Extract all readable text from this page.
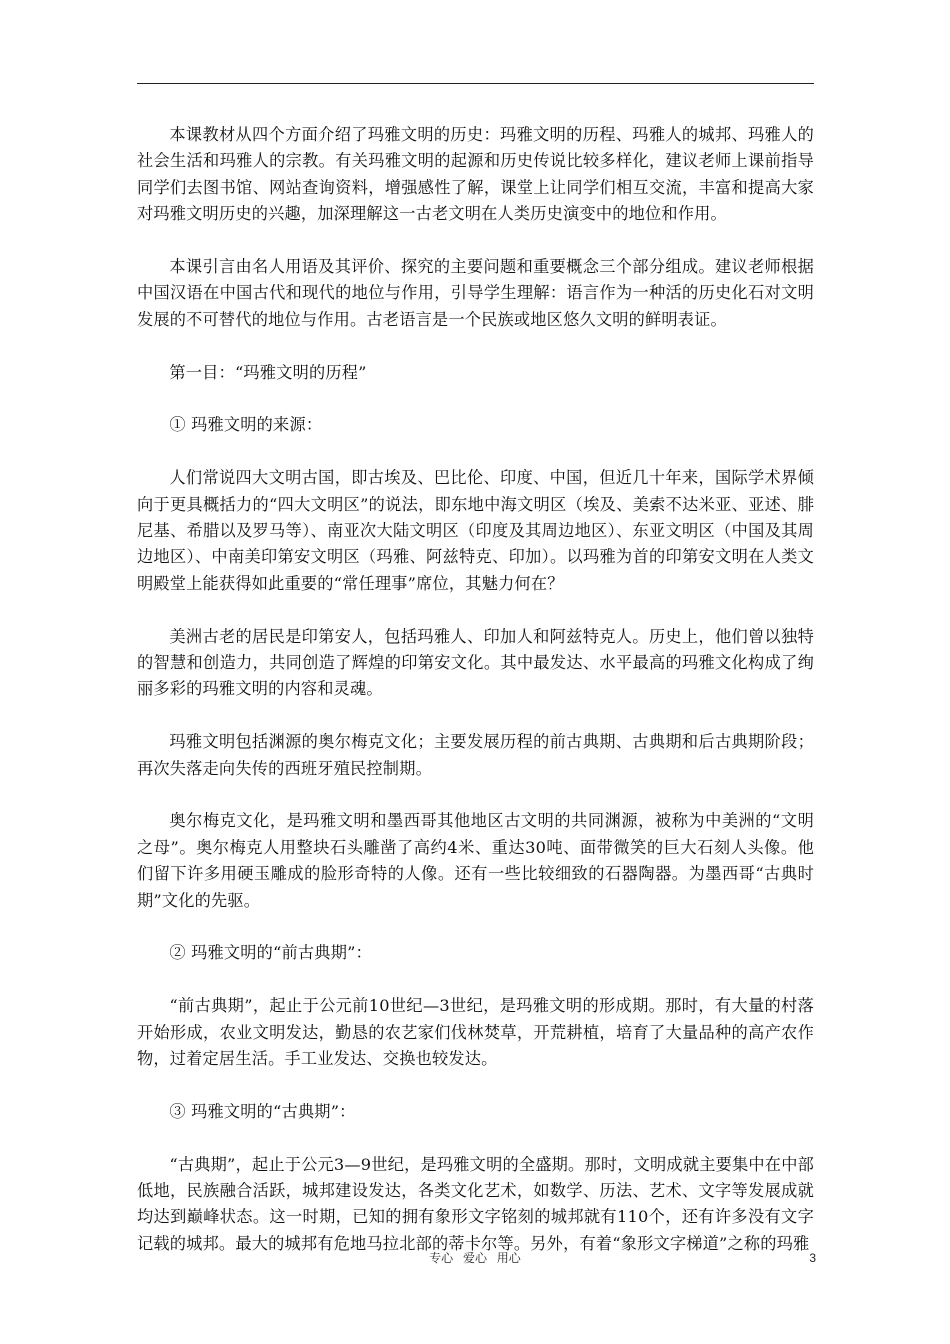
本课教材从四个方面介绍了玛雅文明的历史：玛雅文明的历程、玛雅人的城邦、玛雅人的社会生活和玛雅人的宗教。有关玛雅文明的起源和历史传说比较多样化，建议老师上课前指导同学们去图书馆、网站查询资料，增强感性了解，课堂上让同学们相互交流，丰富和提高大家对玛雅文明历史的兴趣，加深理解这一古老文明在人类历史演变中的地位和作用。

本课引言由名人用语及其评价、探究的主要问题和重要概念三个部分组成。建议老师根据中国汉语在中国古代和现代的地位与作用，引导学生理解：语言作为一种活的历史化石对文明发展的不可替代的地位与作用。古老语言是一个民族或地区悠久文明的鲜明表证。

第一目：“玛雅文明的历程”

① 玛雅文明的来源：

人们常说四大文明古国，即古埃及、巴比伦、印度、中国，但近几十年来，国际学术界倾向于更具概括力的“四大文明区”的说法，即东地中海文明区（埃及、美索不达米亚、亚述、腓尼基、希腊以及罗马等）、南亚次大陆文明区（印度及其周边地区）、东亚文明区（中国及其周边地区）、中南美印第安文明区（玛雅、阿兹特克、印加）。以玛雅为首的印第安文明在人类文明殿堂上能获得如此重要的“常任理事”席位，其魅力何在？

美洲古老的居民是印第安人，包括玛雅人、印加人和阿兹特克人。历史上，他们曾以独特的智慧和创造力，共同创造了辉煌的印第安文化。其中最发达、水平最高的玛雅文化构成了绚丽多彩的玛雅文明的内容和灵魂。

玛雅文明包括渊源的奥尔梅克文化；主要发展历程的前古典期、古典期和后古典期阶段；再次失落走向失传的西班牙殖民控制期。

奥尔梅克文化，是玛雅文明和墨西哥其他地区古文明的共同渊源，被称为中美洲的“文明之母”。奥尔梅克人用整块石头雕凿了高约4米、重达30吨、面带微笑的巨大石刻人头像。他们留下许多用硬玉雕成的脸形奇特的人像。还有一些比较细致的石器陶器。为墨西哥“古典时期”文化的先驱。

② 玛雅文明的“前古典期”：

“前古典期”，起止于公元前10世纪—3世纪，是玛雅文明的形成期。那时，有大量的村落开始形成，农业文明发达，勤恳的农艺家们伐林焚草，开荒耕植，培育了大量品种的高产农作物，过着定居生活。手工业发达、交换也较发达。

③ 玛雅文明的“古典期”：

“古典期”，起止于公元3—9世纪，是玛雅文明的全盛期。那时，文明成就主要集中在中部低地，民族融合活跃，城邦建设发达，各类文化艺术，如数学、历法、艺术、文字等发展成就均达到巅峰状态。这一时期，已知的拥有象形文字铭刻的城邦就有110个，还有许多没有文字记载的城邦。最大的城邦有危地马拉北部的蒂卡尔等。另外，有着“象形文字梯道”之称的玛雅

专心 爱心 用心	3
